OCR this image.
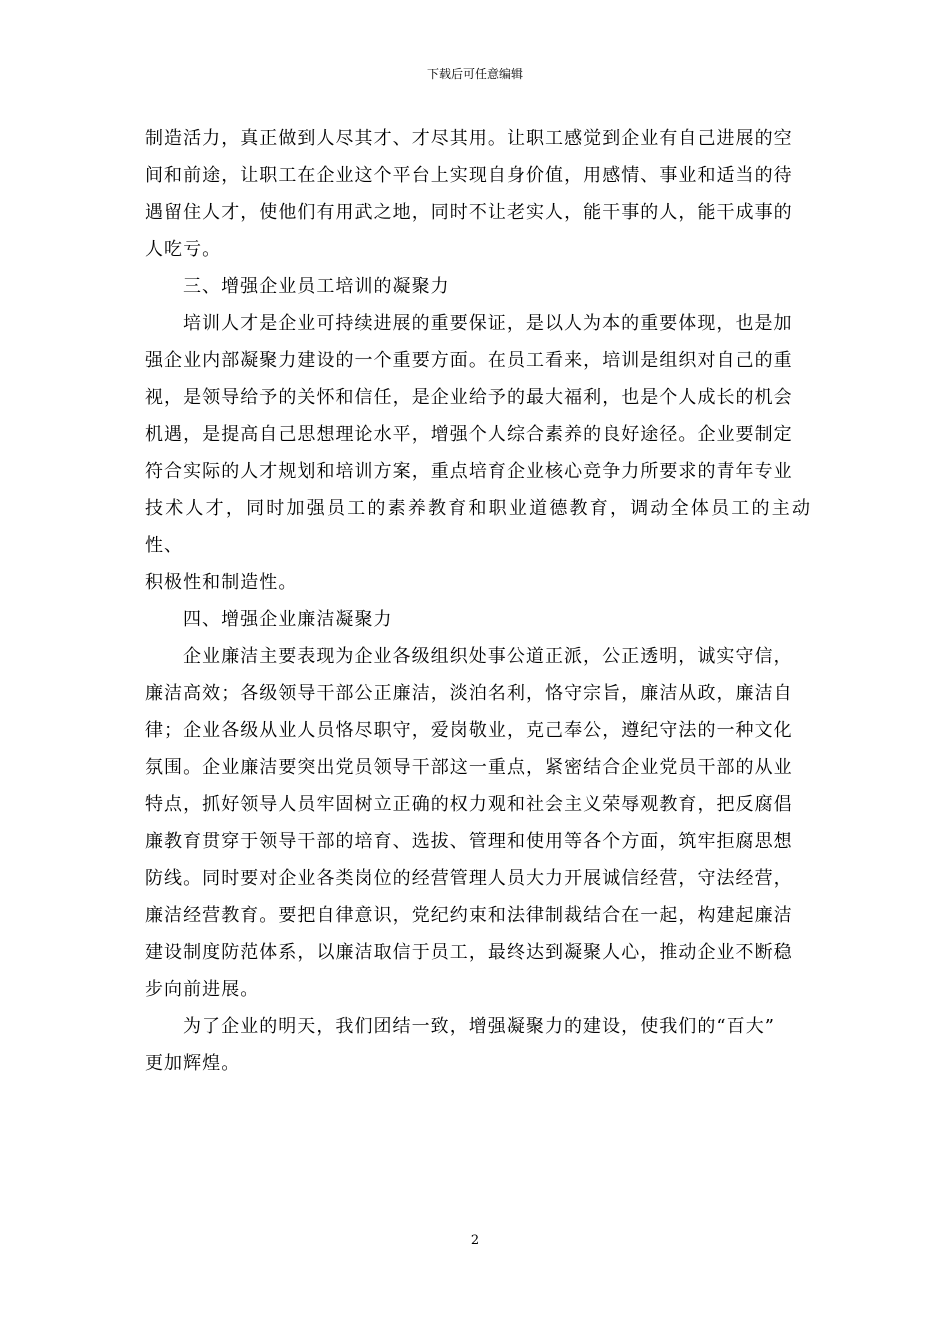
下载后可任意编辑

制造活力，真正做到人尽其才、才尽其用。让职工感觉到企业有自己进展的空
间和前途，让职工在企业这个平台上实现自身价值，用感情、事业和适当的待
遇留住人才，使他们有用武之地，同时不让老实人，能干事的人，能干成事的
人吃亏。

三、增强企业员工培训的凝聚力

培训人才是企业可持续进展的重要保证，是以人为本的重要体现，也是加
强企业内部凝聚力建设的一个重要方面。在员工看来，培训是组织对自己的重
视，是领导给予的关怀和信任，是企业给予的最大福利，也是个人成长的机会
机遇，是提高自己思想理论水平，增强个人综合素养的良好途径。企业要制定
符合实际的人才规划和培训方案，重点培育企业核心竞争力所要求的青年专业
技术人才，同时加强员工的素养教育和职业道德教育，调动全体员工的主动性、
积极性和制造性。

四、增强企业廉洁凝聚力

企业廉洁主要表现为企业各级组织处事公道正派，公正透明，诚实守信，
廉洁高效；各级领导干部公正廉洁，淡泊名利，恪守宗旨，廉洁从政，廉洁自
律；企业各级从业人员恪尽职守，爱岗敬业，克己奉公，遵纪守法的一种文化
氛围。企业廉洁要突出党员领导干部这一重点，紧密结合企业党员干部的从业
特点，抓好领导人员牢固树立正确的权力观和社会主义荣辱观教育，把反腐倡
廉教育贯穿于领导干部的培育、选拔、管理和使用等各个方面，筑牢拒腐思想
防线。同时要对企业各类岗位的经营管理人员大力开展诚信经营，守法经营，
廉洁经营教育。要把自律意识，党纪约束和法律制裁结合在一起，构建起廉洁
建设制度防范体系，以廉洁取信于员工，最终达到凝聚人心，推动企业不断稳
步向前进展。

为了企业的明天，我们团结一致，增强凝聚力的建设，使我们的“百大”
更加辉煌。

2
